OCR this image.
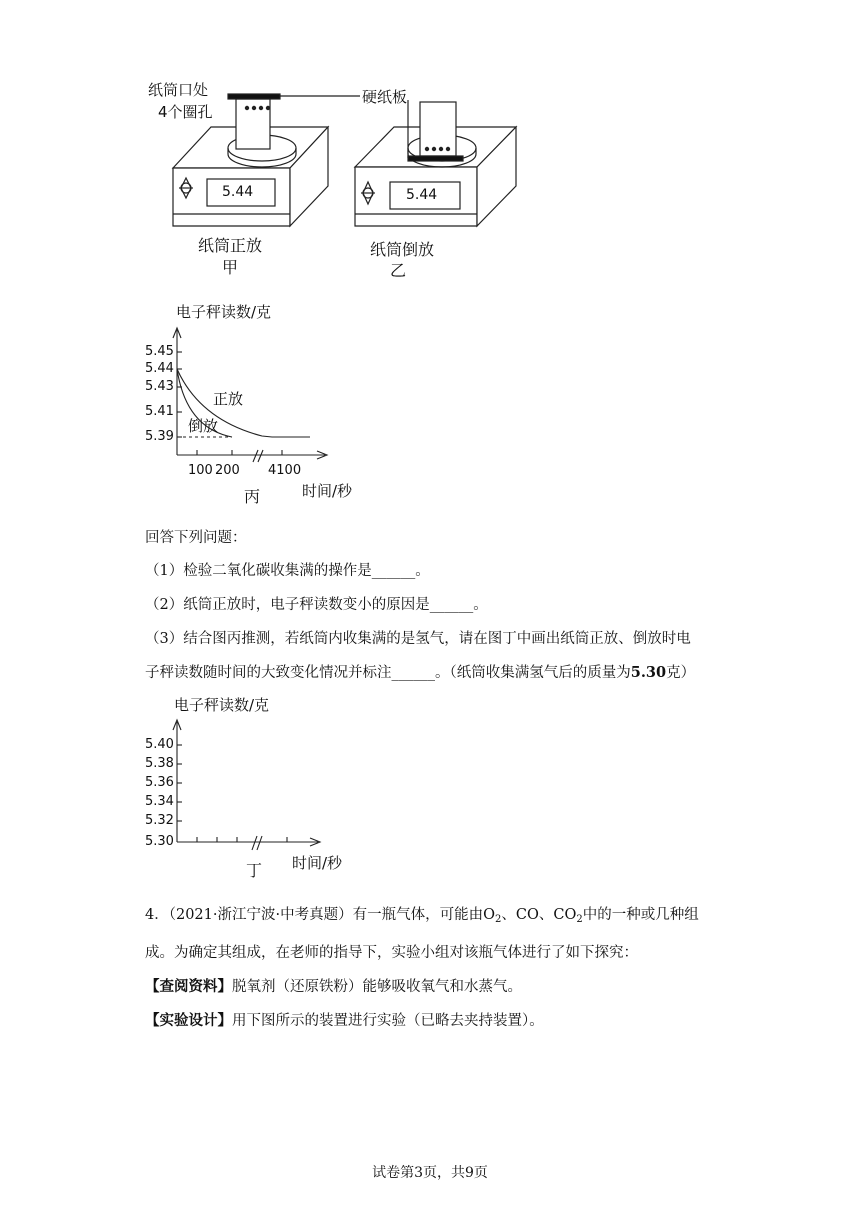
纸筒口处
4个圈孔
硬纸板
5.44	5.44
纸筒正放
甲
纸筒倒放
乙
电子秤读数/克
5.45
5.44
5.43
5.41
5.39
100 200 4100
正放
倒放
丙	时间/秒
回答下列问题：
（1）检验二氧化碳收集满的操作是______。
（2）纸筒正放时，电子秤读数变小的原因是______。
（3）结合图丙推测，若纸筒内收集满的是氢气，请在图丁中画出纸筒正放、倒放时电
子秤读数随时间的大致变化情况并标注______。（纸筒收集满氢气后的质量为5.30克）
电子秤读数/克
5.40
5.38
5.36
5.34
5.32
5.30
丁 时间/秒
4．（2021·浙江宁波·中考真题）有一瓶气体，可能由$O_2$、CO、$CO_2$中的一种或几种组
成。为确定其组成，在老师的指导下，实验小组对该瓶气体进行了如下探究：
【查阅资料】脱氧剂（还原铁粉）能够吸收氧气和水蒸气。
【实验设计】用下图所示的装置进行实验（已略去夹持装置）。
试卷第3页，共9页
